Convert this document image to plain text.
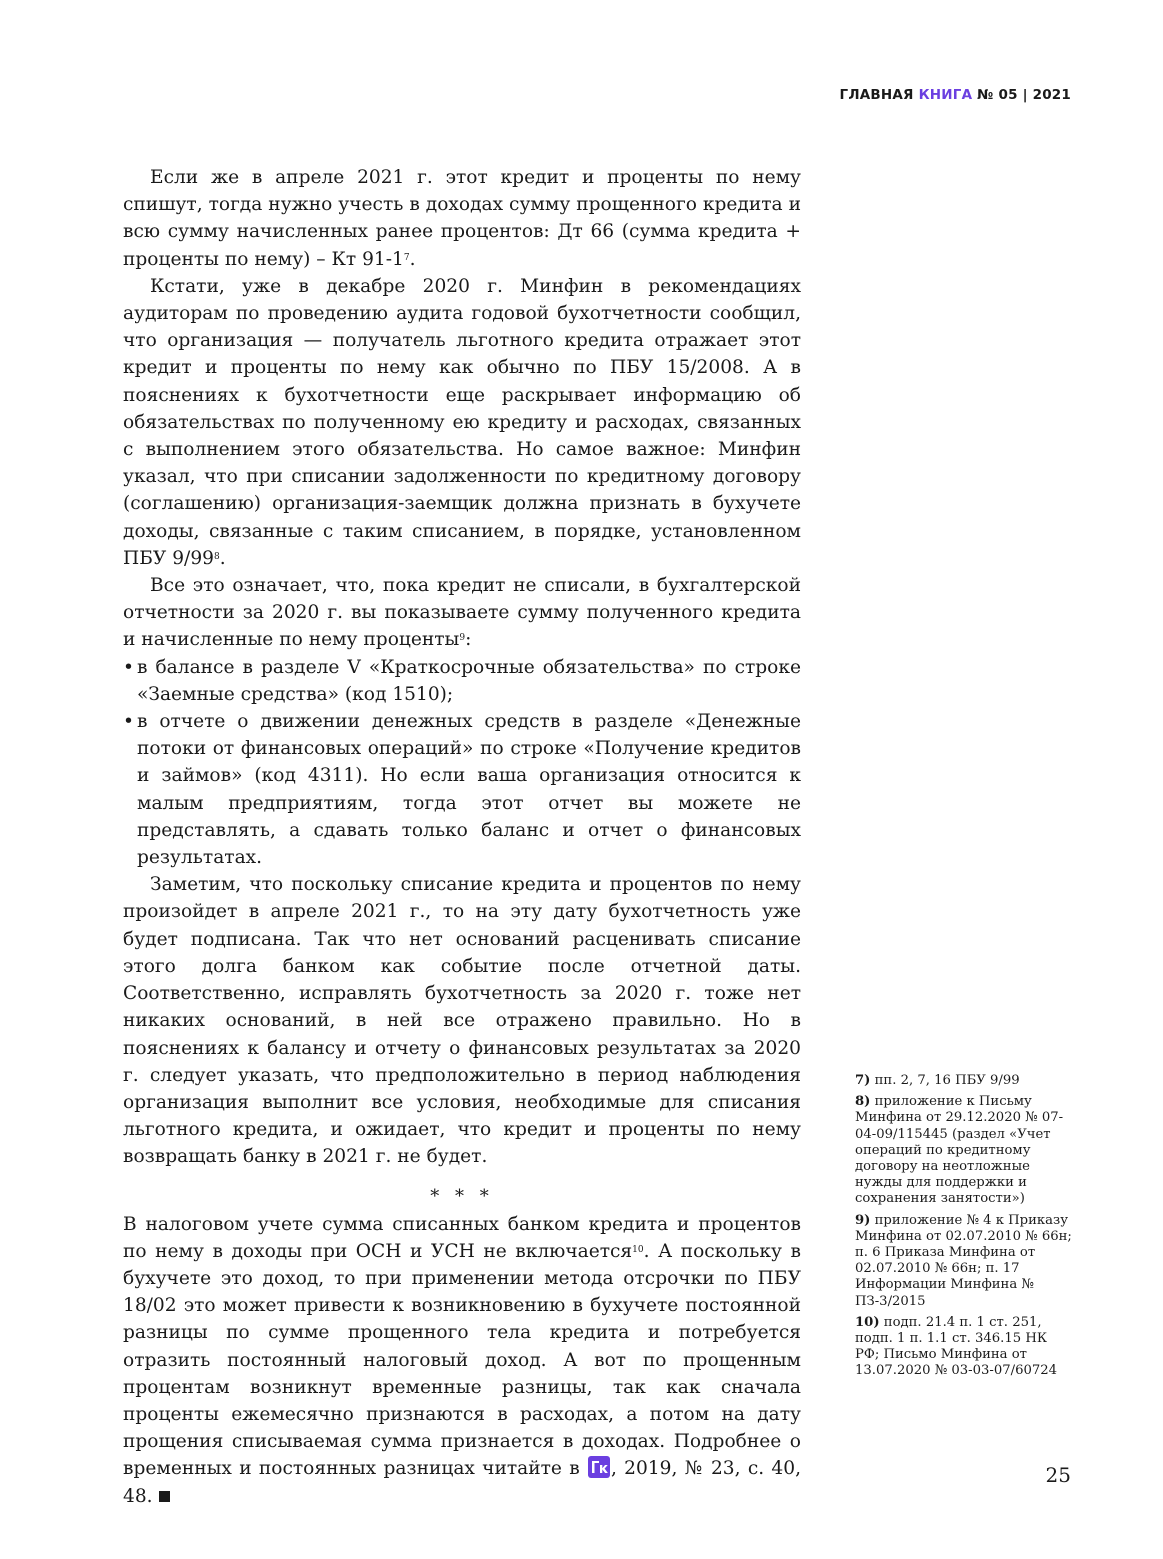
ГЛАВНАЯ КНИГА № 05 | 2021

Если же в апреле 2021 г. этот кредит и проценты по нему спишут, тогда нужно учесть в доходах сумму прощенного кредита и всю сумму начисленных ранее процентов: Дт 66 (сумма кредита + проценты по нему) – Кт 91-1$^7$.

Кстати, уже в декабре 2020 г. Минфин в рекомендациях аудиторам по проведению аудита годовой бухотчетности сообщил, что организация — получатель льготного кредита отражает этот кредит и проценты по нему как обычно по ПБУ 15/2008. А в пояснениях к бухотчетности еще раскрывает информацию об обязательствах по полученному ею кредиту и расходах, связанных с выполнением этого обязательства. Но самое важное: Минфин указал, что при списании задолженности по кредитному договору (соглашению) организация-заемщик должна признать в бухучете доходы, связанные с таким списанием, в порядке, установленном ПБУ 9/99$^8$.

Все это означает, что, пока кредит не списали, в бухгалтерской отчетности за 2020 г. вы показываете сумму полученного кредита и начисленные по нему проценты$^9$:

• в балансе в разделе V «Краткосрочные обязательства» по строке «Заемные средства» (код 1510);
• в отчете о движении денежных средств в разделе «Денежные потоки от финансовых операций» по строке «Получение кредитов и займов» (код 4311). Но если ваша организация относится к малым предприятиям, тогда этот отчет вы можете не представлять, а сдавать только баланс и отчет о финансовых результатах.

Заметим, что поскольку списание кредита и процентов по нему произойдет в апреле 2021 г., то на эту дату бухотчетность уже будет подписана. Так что нет оснований расценивать списание этого долга банком как событие после отчетной даты. Соответственно, исправлять бухотчетность за 2020 г. тоже нет никаких оснований, в ней все отражено правильно. Но в пояснениях к балансу и отчету о финансовых результатах за 2020 г. следует указать, что предположительно в период наблюдения организация выполнит все условия, необходимые для списания льготного кредита, и ожидает, что кредит и проценты по нему возвращать банку в 2021 г. не будет.

* * *

В налоговом учете сумма списанных банком кредита и процентов по нему в доходы при ОСН и УСН не включается$^{10}$. А поскольку в бухучете это доход, то при применении метода отсрочки по ПБУ 18/02 это может привести к возникновению в бухучете постоянной разницы по сумме прощенного тела кредита и потребуется отразить постоянный налоговый доход. А вот по прощенным процентам возникнут временные разницы, так как сначала проценты ежемесячно признаются в расходах, а потом на дату прощения списываемая сумма признается в доходах. Подробнее о временных и постоянных разницах читайте в , 2019, № 23, с. 40, 48.

7) пп. 2, 7, 16 ПБУ 9/99
8) приложение к Письму Минфина от 29.12.2020 № 07-04-09/115445 (раздел «Учет операций по кредитному договору на неотложные нужды для поддержки и сохранения занятости»)
9) приложение № 4 к Приказу Минфина от 02.07.2010 № 66н; п. 6 Приказа Минфина от 02.07.2010 № 66н; п. 17 Информации Минфина № ПЗ-3/2015
10) подп. 21.4 п. 1 ст. 251, подп. 1 п. 1.1 ст. 346.15 НК РФ; Письмо Минфина от 13.07.2020 № 03-03-07/60724
25
